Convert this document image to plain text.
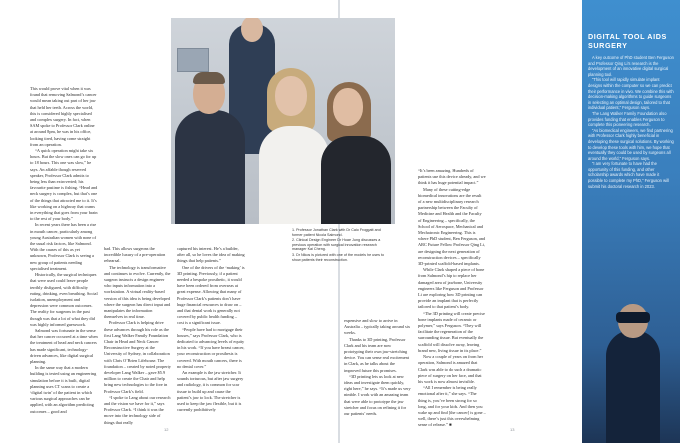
This would prove vital when it was found that removing Salmond’s cancer would mean taking out part of her jaw that held her teeth. Across the world, this is considered highly specialised and complex surgery. In fact, when SAM spoke to Professor Clark online at around 8pm, he was in his office, looking tired, having come straight from an operation.
“A quick operation might take six hours. But the slow ones can go for up to 18 hours. This one was slow,” he says. An affable though reserved speaker, Professor Clark admits to being less than extroverted; his favourite pastime is fishing. “Head and neck surgery is complex, but that’s one of the things that attracted me to it. It’s like working on a highway that crams in everything that goes from your brain to the rest of your body.”
In recent years there has been a rise in mouth cancer, particularly among young Australian women with none of the usual risk factors, like Salmond. With the causes of this as yet unknown, Professor Clark is seeing a new group of patients needing specialised treatment.
Historically, the surgical techniques that were used could leave people terribly disfigured, with difficulty eating, drinking, even breathing. Social isolation, unemployment and depression were common outcomes. The reality for surgeons in the past though was that a lot of what they did was highly informed guesswork.
Salmond was fortunate in the sense that her cancer occurred at a time when the treatment of head and neck cancers has made significant, technology-driven advances, like digital surgical planning.
In the same way that a modern building is tested using an engineering simulation before it is built, digital planning uses CT scans to create a ‘digital twin’ of the patient in which various surgical approaches can be applied, with an algorithm predicting outcomes – good and
bad. This allows surgeons the incredible luxury of a pre-operation rehearsal.
The technology is transformative and continues to evolve. Currently, the surgeon instructs a design engineer who inputs information into a workstation. A virtual reality-based version of this idea is being developed where the surgeon has direct input and manipulates the information themselves in real time.
Professor Clark is helping drive these advances through his role as the first Lang Walker Family Foundation Chair in Head and Neck Cancer Reconstructive Surgery at the University of Sydney, in collaboration with Chris O’Brien Lifehouse. The foundation – created by noted property developer Lang Walker – gave $5.9 million to create the Chair and help bring new technologies to the fore in Professor Clark’s field.
“I spoke to Lang about our research and the vision we have for it,” says Professor Clark. “I think it was the move into the technology side of things that really
captured his interest. He’s a builder, after all, so he loves the idea of making things that help patients.”
One of the drivers of the ‘making’ is 3D printing. Previously, if a patient needed a bespoke prosthetic, it would have been ordered from overseas at great expense. Allowing that many of Professor Clark’s patients don’t have huge financial resources to draw on – and that dental work is generally not covered by public health funding – cost is a significant issue.
“People have had to mortgage their houses,” says Professor Clark, who is dedicated to advancing levels of equity in his work. “If you have breast cancer, your reconstruction or prosthesis is covered. With mouth cancers, there is no dental cover.”
An example is the jaw stretcher. It sounds torturous, but after jaw surgery and radiology, it is common for scar tissue to build up and cause the patient’s jaw to lock. The stretcher is used to keep the jaw flexible, but it is currently prohibitively
expensive and slow to arrive in Australia – typically taking around six weeks.
Thanks to 3D printing, Professor Clark and his team are now prototyping their own jaw-stretching device. You can sense real excitement in Clark, as he talks about the improved future this promises.
“3D printing lets us look at new ideas and investigate them quickly, right here,” he says. “It’s made us very nimble. I work with an amazing team that were able to prototype the jaw stretcher and focus on refining it for our patients’ needs.
“It’s been amazing. Hundreds of patients use this device already, and we think it has huge potential impact.”
Many of these cutting-edge biomedical innovations are the result of a new multidisciplinary research partnership between the Faculty of Medicine and Health and the Faculty of Engineering – specifically, the School of Aerospace, Mechanical and Mechatronic Engineering. This is where PhD student, Ben Ferguson, and ARC Future Fellow Professor Qing Li, are designing the next generation of reconstruction devices – specifically 3D-printed scaffold-based implants.
While Clark shaped a piece of bone from Salmond’s hip to replace her damaged area of jawbone, University engineers like Ferguson and Professor Li are exploring how 3D printing can provide an implant that is perfectly tailored to that patient’s body.
“The 3D printing will create precise bone implants made of ceramic or polymer,” says Ferguson. “They will facilitate the regeneration of the surrounding tissue. But eventually the scaffold will dissolve away, leaving brand new, living tissue in its place.”
Now a couple of years on from her operation, Salmond is amazed that Clark was able to do such a dramatic piece of surgery on her face, and that his work is now almost invisible.
“All I remember is being really emotional after it,” she says. “The thing is, you’ve been strong for so long, and for your kids. And then you wake up and find [the cancer] is gone – well, there’s just this overwhelming sense of release.” ■
1. Professor Jonathan Clark with Dr Caio Froggatt and former patient Nicola Salmond.
2. Clinical Design Engineer Dr Hoae Jung discusses a previous operation with surgical innovation research manager Kai Cheng.
3. Dr Nikos is pictured with one of the models he uses to show patients their reconstruction.
12	13
DIGITAL TOOL AIDS SURGERY
A key outcome of PhD student Ben Ferguson and Professor Qing Li’s research is the development of an innovative digital surgical planning tool.
“This tool will rapidly simulate implant designs within the computer so we can predict their performance in vivo. We combine this with decision-making algorithms to guide surgeons in selecting an optimal design, tailored to that individual patient,” Ferguson says.
The Lang Walker Family Foundation also provides funding that enables Ferguson to complete this pioneering research.
“As biomedical engineers, we find partnering with Professor Clark highly beneficial in developing these surgical solutions. By working to develop these tools with him, we hope that eventually they could be used by surgeons all around the world,” Ferguson says.
“I am very fortunate to have had the opportunity of this funding, and other scholarship awards which have made it possible to complete my PhD,” Ferguson will submit his doctoral research in 2023.
